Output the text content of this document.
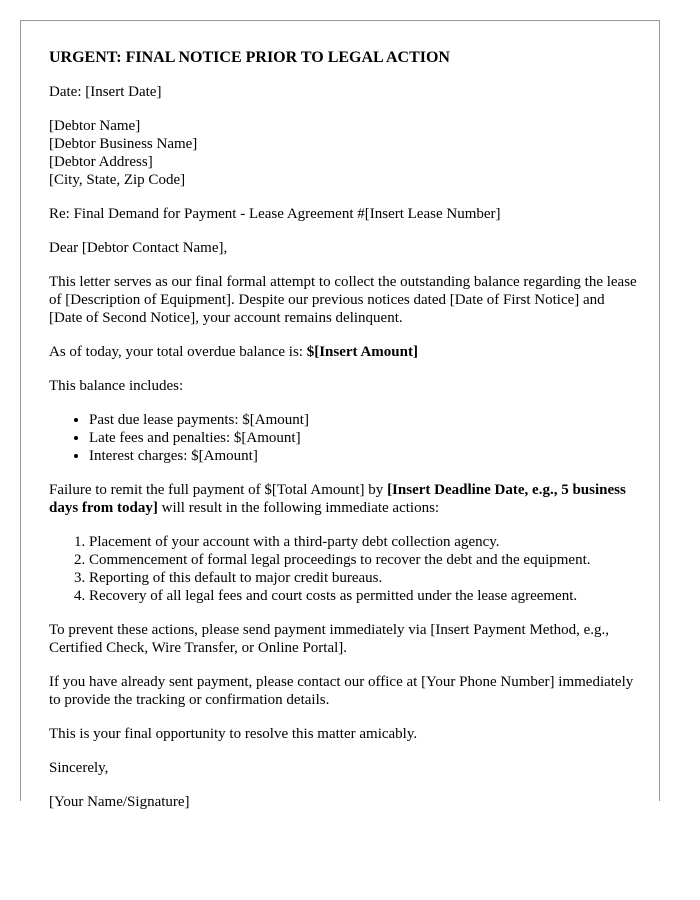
URGENT: FINAL NOTICE PRIOR TO LEGAL ACTION

Date: [Insert Date]

[Debtor Name]
[Debtor Business Name]
[Debtor Address]
[City, State, Zip Code]

Re: Final Demand for Payment - Lease Agreement #[Insert Lease Number]

Dear [Debtor Contact Name],

This letter serves as our final formal attempt to collect the outstanding balance regarding the lease of [Description of Equipment]. Despite our previous notices dated [Date of First Notice] and [Date of Second Notice], your account remains delinquent.

As of today, your total overdue balance is: $[Insert Amount]

This balance includes:

• Past due lease payments: $[Amount]
• Late fees and penalties: $[Amount]
• Interest charges: $[Amount]

Failure to remit the full payment of $[Total Amount] by [Insert Deadline Date, e.g., 5 business days from today] will result in the following immediate actions:

1. Placement of your account with a third-party debt collection agency.
2. Commencement of formal legal proceedings to recover the debt and the equipment.
3. Reporting of this default to major credit bureaus.
4. Recovery of all legal fees and court costs as permitted under the lease agreement.

To prevent these actions, please send payment immediately via [Insert Payment Method, e.g., Certified Check, Wire Transfer, or Online Portal].

If you have already sent payment, please contact our office at [Your Phone Number] immediately to provide the tracking or confirmation details.

This is your final opportunity to resolve this matter amicably.

Sincerely,

[Your Name/Signature]
